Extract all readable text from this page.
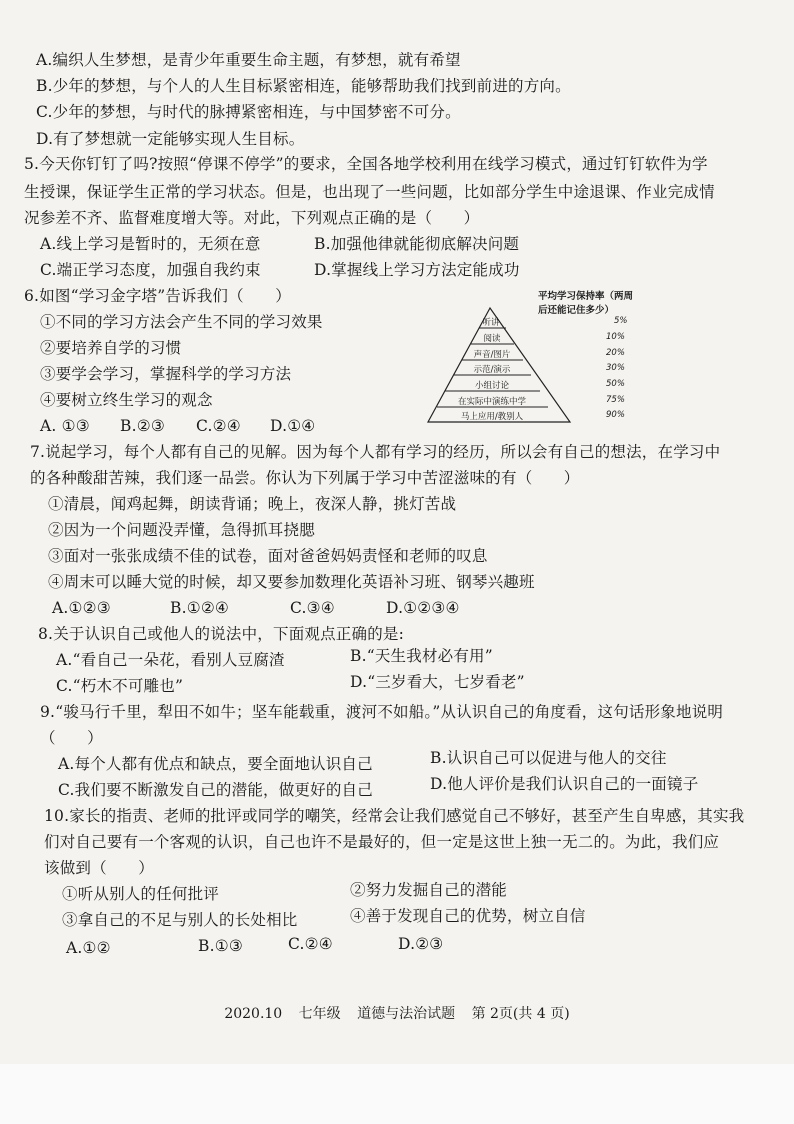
A.编织人生梦想，是青少年重要生命主题，有梦想，就有希望
B.少年的梦想，与个人的人生目标紧密相连，能够帮助我们找到前进的方向。
C.少年的梦想，与时代的脉搏紧密相连，与中国梦密不可分。
D.有了梦想就一定能够实现人生目标。
5.今天你钉钉了吗?按照“停课不停学”的要求，全国各地学校利用在线学习模式，通过钉钉软件为学
生授课，保证学生正常的学习状态。但是，也出现了一些问题，比如部分学生中途退课、作业完成情
况参差不齐、监督难度增大等。对此，下列观点正确的是（　　）
A.线上学习是暂时的，无须在意	B.加强他律就能彻底解决问题
C.端正学习态度，加强自我约束	D.掌握线上学习方法定能成功
6.如图“学习金字塔”告诉我们（　　）
①不同的学习方法会产生不同的学习效果
②要培养自学的习惯
③要学会学习，掌握科学的学习方法
④要树立终生学习的观念
A. ①③ B.②③ C.②④ D.①④
平均学习保持率（两周
后还能记住多少）
听讲
阅读
声音/图片
示范/演示
小组讨论
在实际中演练中学
马上应用/教别人
5%
10%
20%
30%
50%
75%
90%
7.说起学习，每个人都有自己的见解。因为每个人都有学习的经历，所以会有自己的想法，在学习中
的各种酸甜苦辣，我们逐一品尝。你认为下列属于学习中苦涩滋味的有（　　）
①清晨，闻鸡起舞，朗读背诵；晚上，夜深人静，挑灯苦战
②因为一个问题没弄懂，急得抓耳挠腮
③面对一张张成绩不佳的试卷，面对爸爸妈妈责怪和老师的叹息
④周末可以睡大觉的时候，却又要参加数理化英语补习班、钢琴兴趣班
A.①②③	B.①②④	C.③④	D.①②③④
8.关于认识自己或他人的说法中，下面观点正确的是:
A.“看自己一朵花，看别人豆腐渣	B.“天生我材必有用”
C.“朽木不可雕也”	D.“三岁看大，七岁看老”
9.“骏马行千里，犁田不如牛；坚车能载重，渡河不如船。”从认识自己的角度看，这句话形象地说明
（　　）
A.每个人都有优点和缺点，要全面地认识自己	B.认识自己可以促进与他人的交往
C.我们要不断激发自己的潜能，做更好的自己	D.他人评价是我们认识自己的一面镜子
10.家长的指责、老师的批评或同学的嘲笑，经常会让我们感觉自己不够好，甚至产生自卑感，其实我
们对自己要有一个客观的认识，自己也许不是最好的，但一定是这世上独一无二的。为此，我们应
该做到（　　）
①听从别人的任何批评	②努力发掘自己的潜能
③拿自己的不足与别人的长处相比	④善于发现自己的优势，树立自信
A.①②	B.①③	C.②④	D.②③
2020.10 七年级 道德与法治试题 第 2页(共 4 页)
